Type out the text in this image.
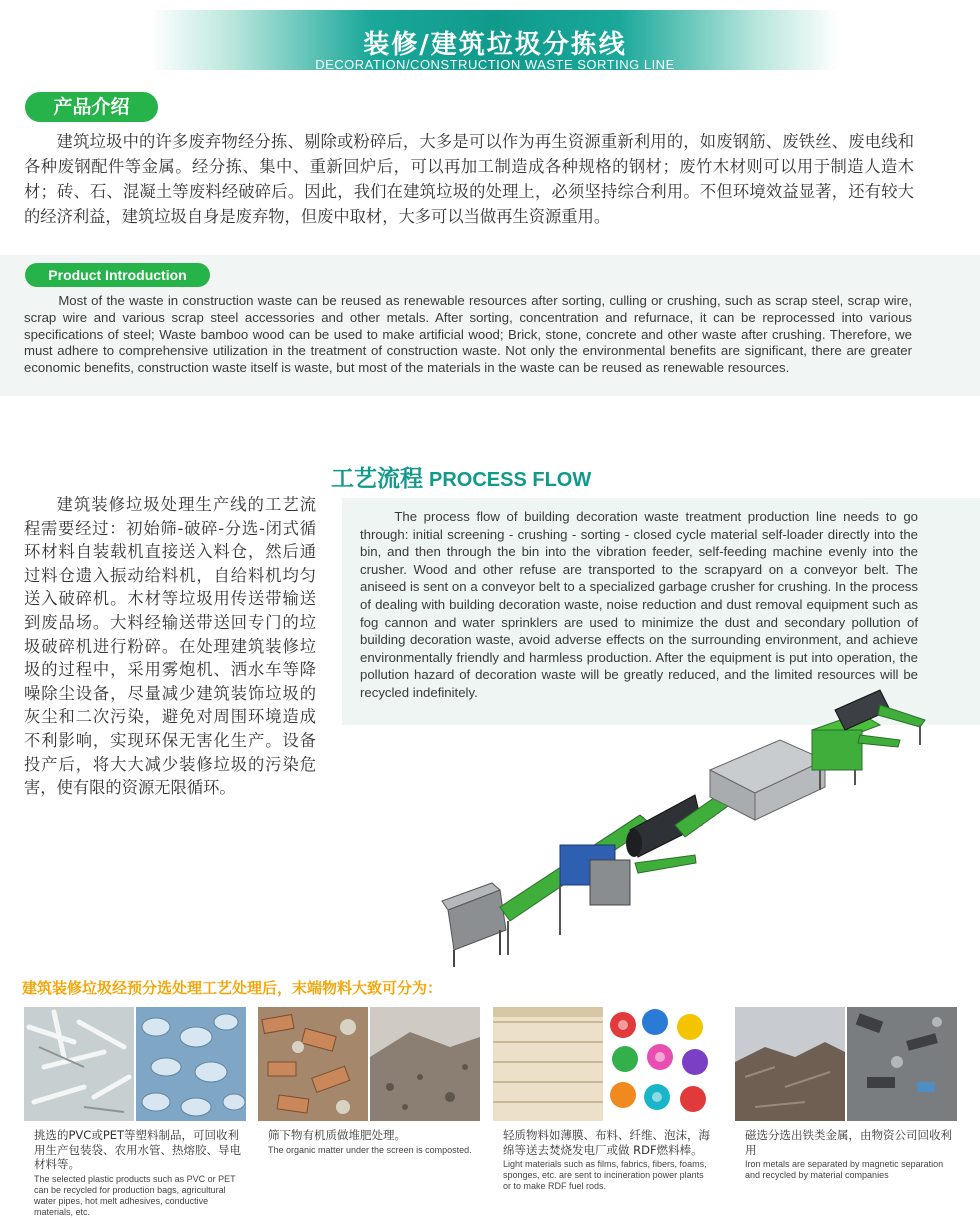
装修/建筑垃圾分拣线
DECORATION/CONSTRUCTION WASTE SORTING LINE
产品介绍
建筑垃圾中的许多废弃物经分拣、剔除或粉碎后，大多是可以作为再生资源重新利用的，如废钢筋、废铁丝、废电线和各种废钢配件等金属。经分拣、集中、重新回炉后，可以再加工制造成各种规格的钢材；废竹木材则可以用于制造人造木材；砖、石、混凝土等废料经破碎后。因此，我们在建筑垃圾的处理上，必须坚持综合利用。不但环境效益显著，还有较大的经济利益，建筑垃圾自身是废弃物，但废中取材，大多可以当做再生资源重用。
Product Introduction
Most of the waste in construction waste can be reused as renewable resources after sorting, culling or crushing, such as scrap steel, scrap wire, scrap wire and various scrap steel accessories and other metals. After sorting, concentration and refurnace, it can be reprocessed into various specifications of steel; Waste bamboo wood can be used to make artificial wood; Brick, stone, concrete and other waste after crushing. Therefore, we must adhere to comprehensive utilization in the treatment of construction waste. Not only the environmental benefits are significant, there are greater economic benefits, construction waste itself is waste, but most of the materials in the waste can be reused as renewable resources.
工艺流程 PROCESS FLOW
建筑装修垃圾处理生产线的工艺流程需要经过：初始筛-破碎-分选-闭式循环材料自装载机直接送入料仓，然后通过料仓遗入振动给料机，自给料机均匀送入破碎机。木材等垃圾用传送带输送到废品场。大料经输送带送回专门的垃圾破碎机进行粉碎。在处理建筑装修垃圾的过程中，采用雾炮机、洒水车等降噪除尘设备，尽量减少建筑装饰垃圾的灰尘和二次污染，避免对周围环境造成不利影响，实现环保无害化生产。设备投产后，将大大减少装修垃圾的污染危害，使有限的资源无限循环。
The process flow of building decoration waste treatment production line needs to go through: initial screening - crushing - sorting - closed cycle material self-loader directly into the bin, and then through the bin into the vibration feeder, self-feeding machine evenly into the crusher. Wood and other refuse are transported to the scrapyard on a conveyor belt. The aniseed is sent on a conveyor belt to a specialized garbage crusher for crushing. In the process of dealing with building decoration waste, noise reduction and dust removal equipment such as fog cannon and water sprinklers are used to minimize the dust and secondary pollution of building decoration waste, avoid adverse effects on the surrounding environment, and achieve environmentally friendly and harmless production. After the equipment is put into operation, the pollution hazard of decoration waste will be greatly reduced, and the limited resources will be recycled indefinitely.
建筑装修垃圾经预分选处理工艺处理后，末端物料大致可分为：
挑选的PVC或PET等塑料制品，可回收利用生产包装袋、农用水管、热熔胶、导电材料等。
The selected plastic products such as PVC or PET can be recycled for production bags, agricultural water pipes, hot melt adhesives, conductive materials, etc.
筛下物有机质做堆肥处理。
The organic matter under the screen is composted.
轻质物料如薄膜、布料、纤维、泡沫，海绵等送去焚烧发电厂或做 RDF燃料棒。
Light materials such as films, fabrics, fibers, foams, sponges, etc. are sent to incineration power plants or to make RDF fuel rods.
磁选分选出铁类金属，由物资公司回收利用
Iron metals are separated by magnetic separation and recycled by material companies
